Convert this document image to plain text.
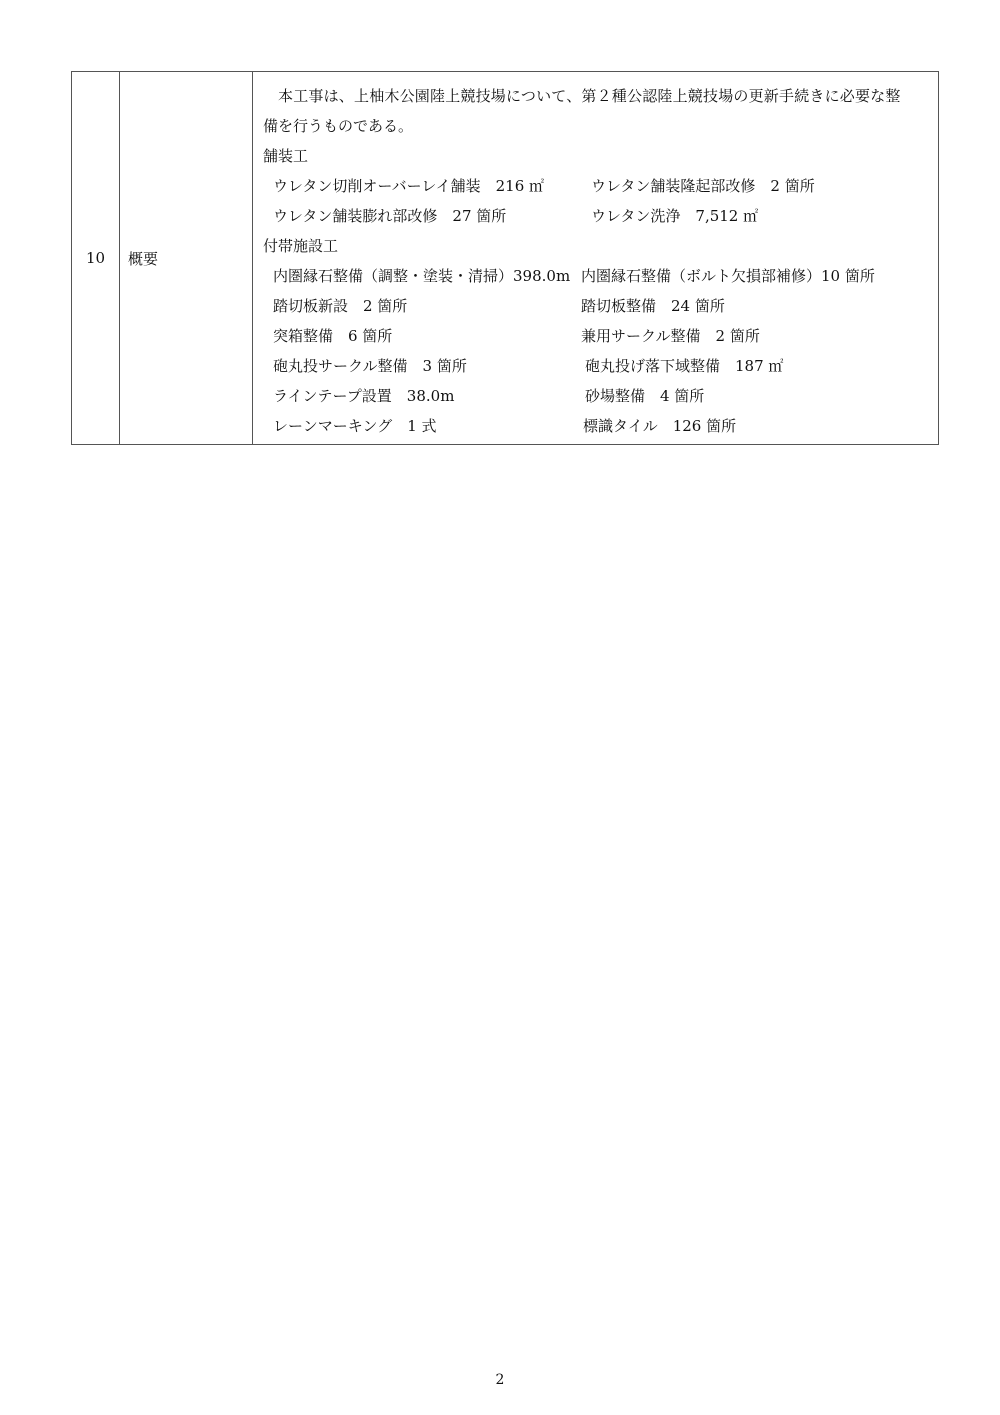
10	概要	
本工事は、上柚木公園陸上競技場について、第２種公認陸上競技場の更新手続きに必要な整
備を行うものである。
舗装工
ウレタン切削オーバーレイ舗装　216 ㎡	ウレタン舗装隆起部改修　2 箇所
ウレタン舗装膨れ部改修　27 箇所	ウレタン洗浄　7,512 ㎡
付帯施設工
内圏縁石整備（調整・塗装・清掃）398.0m 内圏縁石整備（ボルト欠損部補修）10 箇所
踏切板新設　2 箇所	踏切板整備　24 箇所
突箱整備　6 箇所	兼用サークル整備　2 箇所
砲丸投サークル整備　3 箇所	砲丸投げ落下域整備　187 ㎡
ラインテープ設置　38.0m	砂場整備　4 箇所
レーンマーキング　1 式	標識タイル　126 箇所
2
